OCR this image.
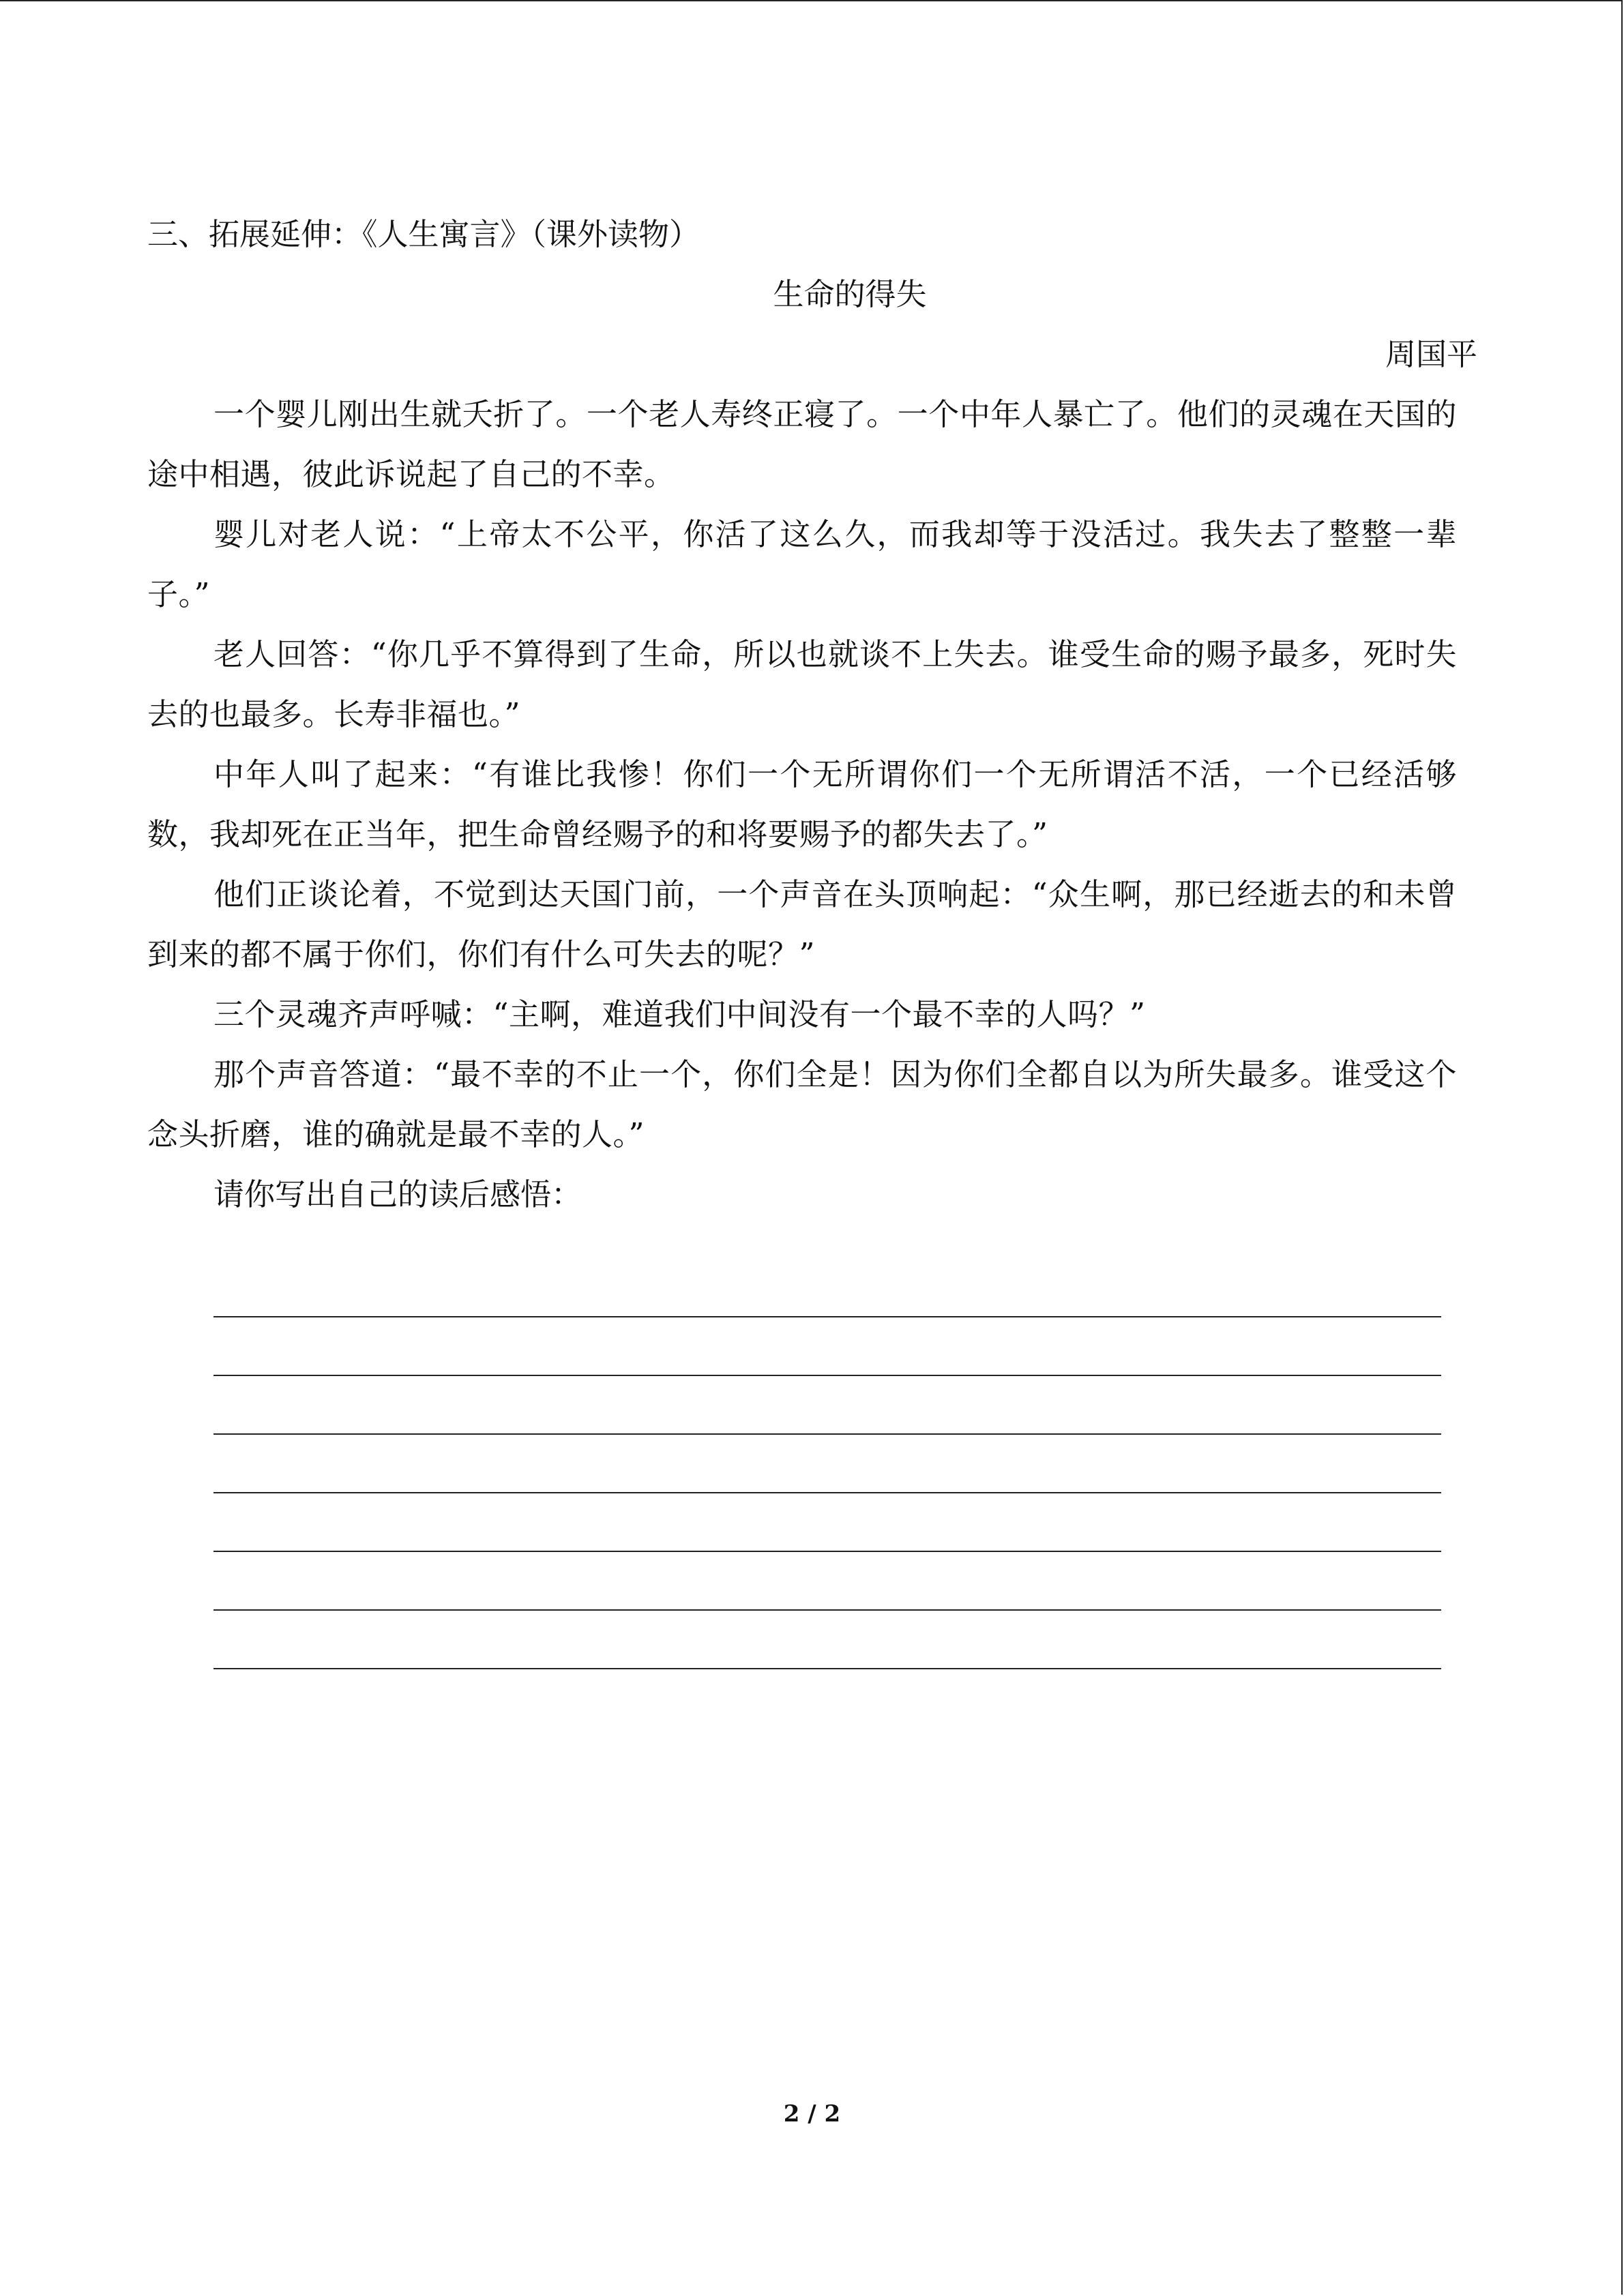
三、拓展延伸：《人生寓言》（课外读物）

生命的得失

周国平

一个婴儿刚出生就夭折了。一个老人寿终正寝了。一个中年人暴亡了。他们的灵魂在天国的途中相遇，彼此诉说起了自己的不幸。

婴儿对老人说：“上帝太不公平，你活了这么久，而我却等于没活过。我失去了整整一辈子。”

老人回答：“你几乎不算得到了生命，所以也就谈不上失去。谁受生命的赐予最多，死时失去的也最多。长寿非福也。”

中年人叫了起来：“有谁比我惨！你们一个无所谓你们一个无所谓活不活，一个已经活够数，我却死在正当年，把生命曾经赐予的和将要赐予的都失去了。”

他们正谈论着，不觉到达天国门前，一个声音在头顶响起：“众生啊，那已经逝去的和未曾到来的都不属于你们，你们有什么可失去的呢？”

三个灵魂齐声呼喊：“主啊，难道我们中间没有一个最不幸的人吗？”

那个声音答道：“最不幸的不止一个，你们全是！因为你们全都自以为所失最多。谁受这个念头折磨，谁的确就是最不幸的人。”

请你写出自己的读后感悟：

2 / 2
